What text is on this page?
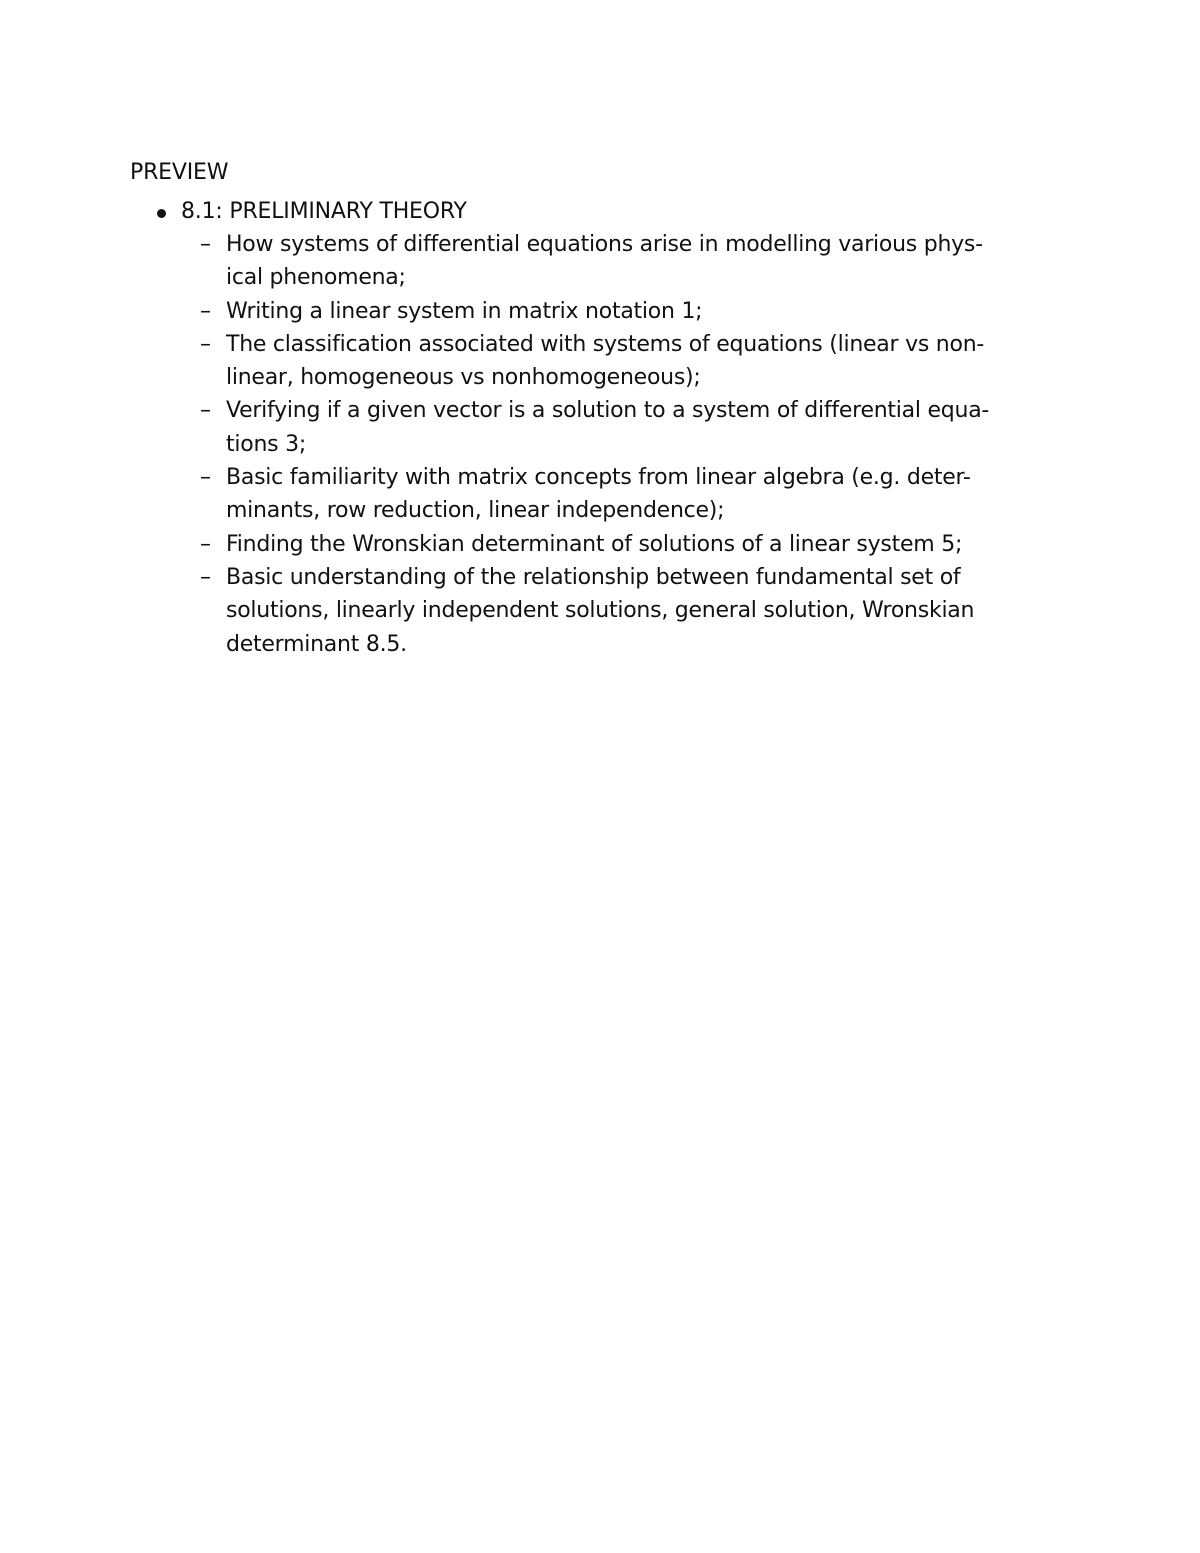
PREVIEW
8.1: PRELIMINARY THEORY
– How systems of differential equations arise in modelling various phys-
ical phenomena;
– Writing a linear system in matrix notation 1;
– The classification associated with systems of equations (linear vs non-
linear, homogeneous vs nonhomogeneous);
– Verifying if a given vector is a solution to a system of differential equa-
tions 3;
– Basic familiarity with matrix concepts from linear algebra (e.g. deter-
minants, row reduction, linear independence);
– Finding the Wronskian determinant of solutions of a linear system 5;
– Basic understanding of the relationship between fundamental set of
solutions, linearly independent solutions, general solution, Wronskian
determinant 8.5.
